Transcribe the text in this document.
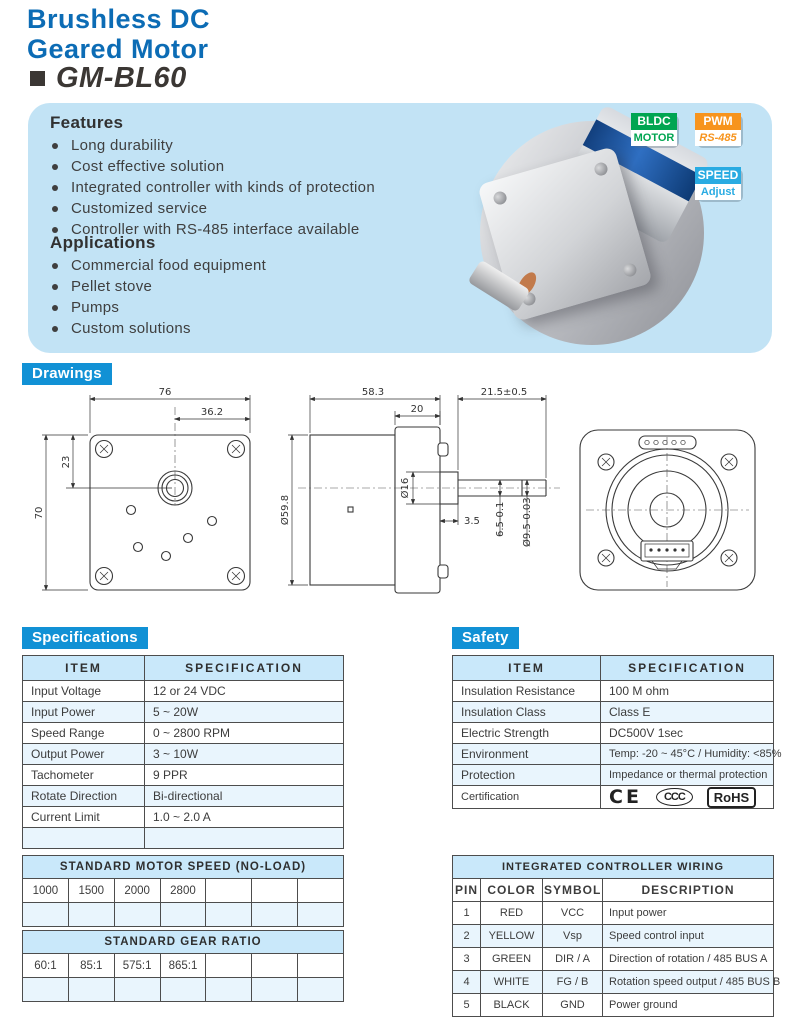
Brushless DC
Geared Motor
GM-BL60
Features
Long durability
Cost effective solution
Integrated controller with kinds of protection
Customized service
Controller with RS-485 interface available
Applications
Commercial food equipment
Pellet stove
Pumps
Custom solutions
BLDC
MOTOR
PWM
RS-485
SPEED
Adjust
Drawings
76
36.2
70
23
58.3	21.5±0.5
20
Ø59.8
Ø16
3.5 6.5-0.1 Ø9.5-0.03
Specifications
ITEM	SPECIFICATION
Input Voltage	12 or 24 VDC
Input Power	5 ~ 20W
Speed Range	0 ~ 2800 RPM
Output Power	3 ~ 10W
Tachometer	9 PPR
Rotate Direction	Bi-directional
Current Limit	1.0 ~ 2.0 A

Safety
ITEM	SPECIFICATION
Insulation Resistance	100 M ohm
Insulation Class	Class E
Electric Strength	DC500V 1sec
Environment	Temp: -20 ~ 45°C / Humidity: <85%
Protection	Impedance or thermal protection
Certification	CE CCC RoHS
STANDARD MOTOR SPEED (NO-LOAD)						
1000	1500	2000	2800			

STANDARD GEAR RATIO						
60:1	85:1	575:1	865:1			

INTEGRATED CONTROLLER WIRING			
PIN	COLOR	SYMBOL	DESCRIPTION
1	RED	VCC	Input power
2	YELLOW	Vsp	Speed control input
3	GREEN	DIR / A	Direction of rotation / 485 BUS A
4	WHITE	FG / B	Rotation speed output / 485 BUS B
5	BLACK	GND	Power ground
